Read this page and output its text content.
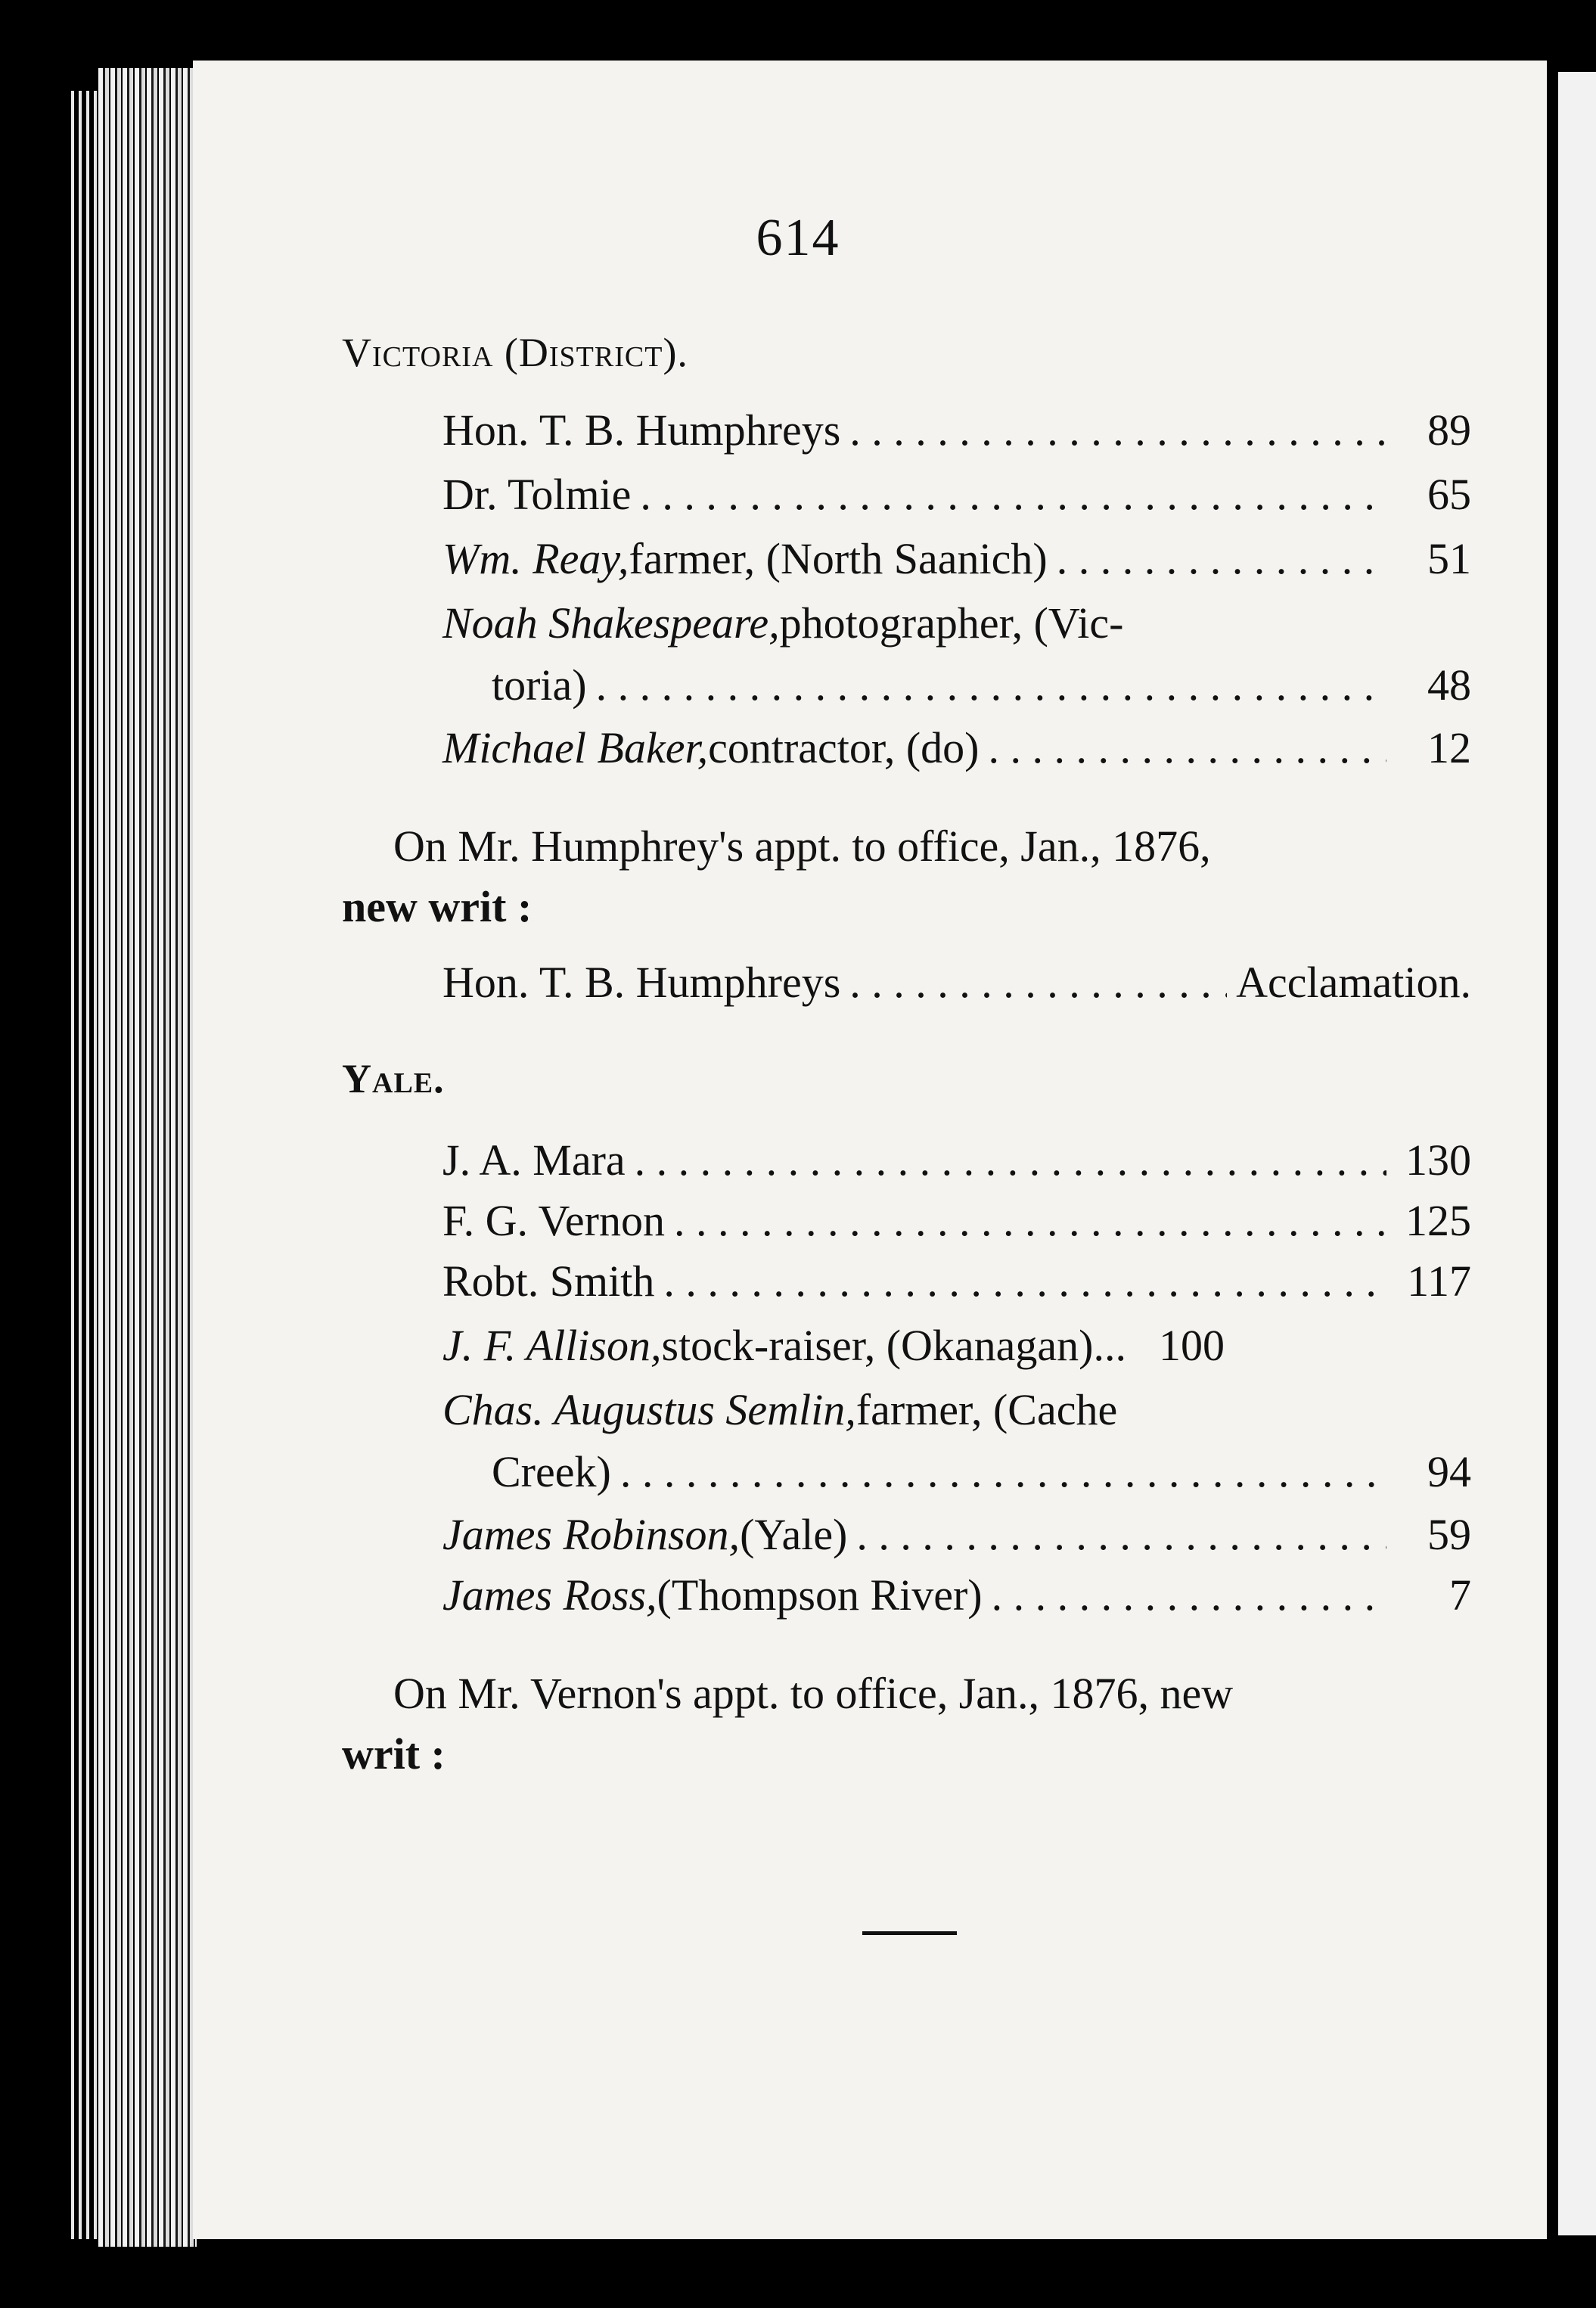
614
Victoria (District).
Hon. T. B. Humphreys . . .	89
Dr. Tolmie . . .	65
Wm. Reay, farmer, (North Saanich) . . .	51
Noah Shakespeare, photographer, (Vic-
toria) . . .	48
Michael Baker, contractor, (do) . . .	12
On Mr. Humphrey's appt. to office, Jan., 1876,
new writ :
Hon. T. B. Humphreys . . .	Acclamation.
Yale.
J. A. Mara . . .	130
F. G. Vernon . . .	125
Robt. Smith . . .	117
J. F. Allison, stock-raiser, (Okanagan)... 100
Chas. Augustus Semlin, farmer, (Cache
Creek) . . .	94
James Robinson, (Yale) . . .	59
James Ross, (Thompson River) . . .	7
On Mr. Vernon's appt. to office, Jan., 1876, new
writ :
